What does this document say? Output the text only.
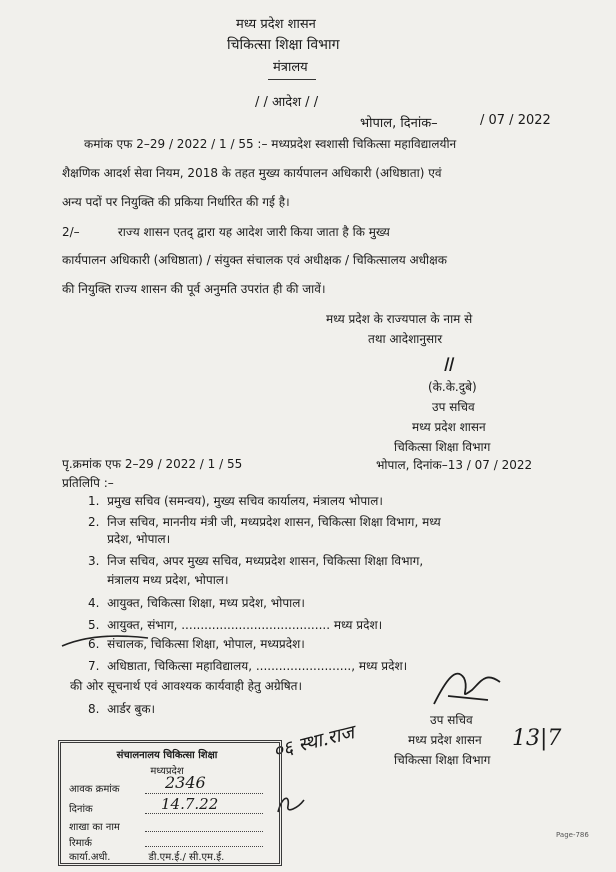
मध्य प्रदेश शासन
चिकित्सा शिक्षा विभाग
मंत्रालय
/ / आदेश / /
भोपाल, दिनांक–	/ 07 / 2022
कमांक एफ 2–29 / 2022 / 1 / 55 :– मध्यप्रदेश स्वशासी चिकित्सा महाविद्यालयीन
शैक्षणिक आदर्श सेवा नियम, 2018 के तहत मुख्य कार्यपालन अधिकारी (अधिष्ठाता) एवं
अन्य पदों पर नियुक्ति की प्रकिया निर्धारित की गई है।
2/–          राज्य शासन एतद् द्वारा यह आदेश जारी किया जाता है कि मुख्य
कार्यपालन अधिकारी (अधिष्ठाता) / संयुक्त संचालक एवं अधीक्षक / चिकित्सालय अधीक्षक
की नियुक्ति राज्य शासन की पूर्व अनुमति उपरांत ही की जावें।
मध्य प्रदेश के राज्यपाल के नाम से
तथा आदेशानुसार
॥
(के.के.दुबे)
उप सचिव
मध्य प्रदेश शासन
चिकित्सा शिक्षा विभाग
भोपाल, दिनांक–13 / 07 / 2022
पृ.क्रमांक एफ 2–29 / 2022 / 1 / 55
प्रतिलिपि :–
1.  प्रमुख सचिव (समन्वय), मुख्य सचिव कार्यालय, मंत्रालय भोपाल।
2.  निज सचिव, माननीय मंत्री जी, मध्यप्रदेश शासन, चिकित्सा शिक्षा विभाग, मध्य
प्रदेश, भोपाल।
3.  निज सचिव, अपर मुख्य सचिव, मध्यप्रदेश शासन, चिकित्सा शिक्षा विभाग,
मंत्रालय मध्य प्रदेश, भोपाल।
4.  आयुक्त, चिकित्सा शिक्षा, मध्य प्रदेश, भोपाल।
5.  आयुक्त, संभाग, ....................................... मध्य प्रदेश।
6.  संचालक, चिकित्सा शिक्षा, भोपाल, मध्यप्रदेश।
7.  अधिष्ठाता, चिकित्सा महाविद्यालय, ........................., मध्य प्रदेश।
की ओर सूचनार्थ एवं आवश्यक कार्यवाही हेतु अग्रेषित।
8.  आर्डर बुक।
उप सचिव
मध्य प्रदेश शासन
चिकित्सा शिक्षा विभाग
०६ स्था.राज	13|7
संचालनालय चिकित्सा शिक्षा
मध्यप्रदेश
आवक क्रमांक	2346
दिनांक	14.7.22
शाखा का नाम
रिमार्क
कार्या.अधी.            डी.एम.ई./ सी.एम.ई.
Page-786
